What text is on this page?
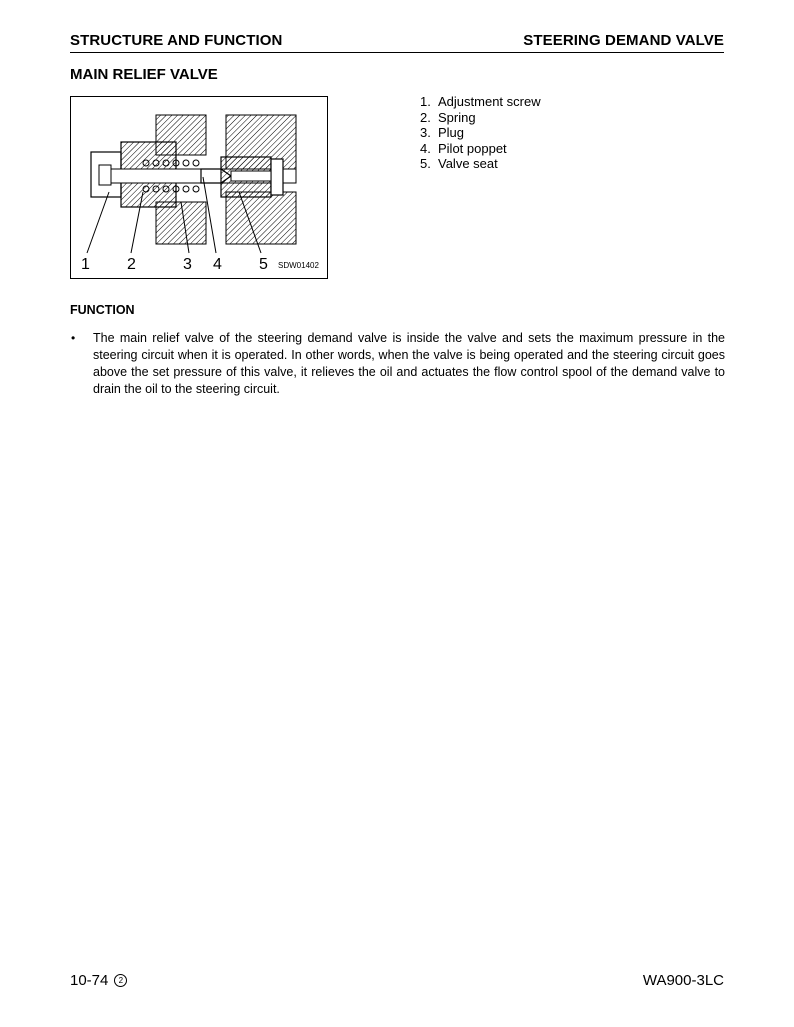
STRUCTURE AND FUNCTION	STEERING DEMAND VALVE
MAIN RELIEF VALVE
1 2	3 4 5 SDW01402
1. Adjustment screw
2. Spring
3. Plug
4. Pilot poppet
5. Valve seat
FUNCTION
• The main relief valve of the steering demand valve is inside the valve and sets the maximum pressure in the steering circuit when it is operated. In other words, when the valve is being operated and the steering circuit goes above the set pressure of this valve, it relieves the oil and actuates the flow control spool of the demand valve to drain the oil to the steering circuit.
10-74 2	WA900-3LC
